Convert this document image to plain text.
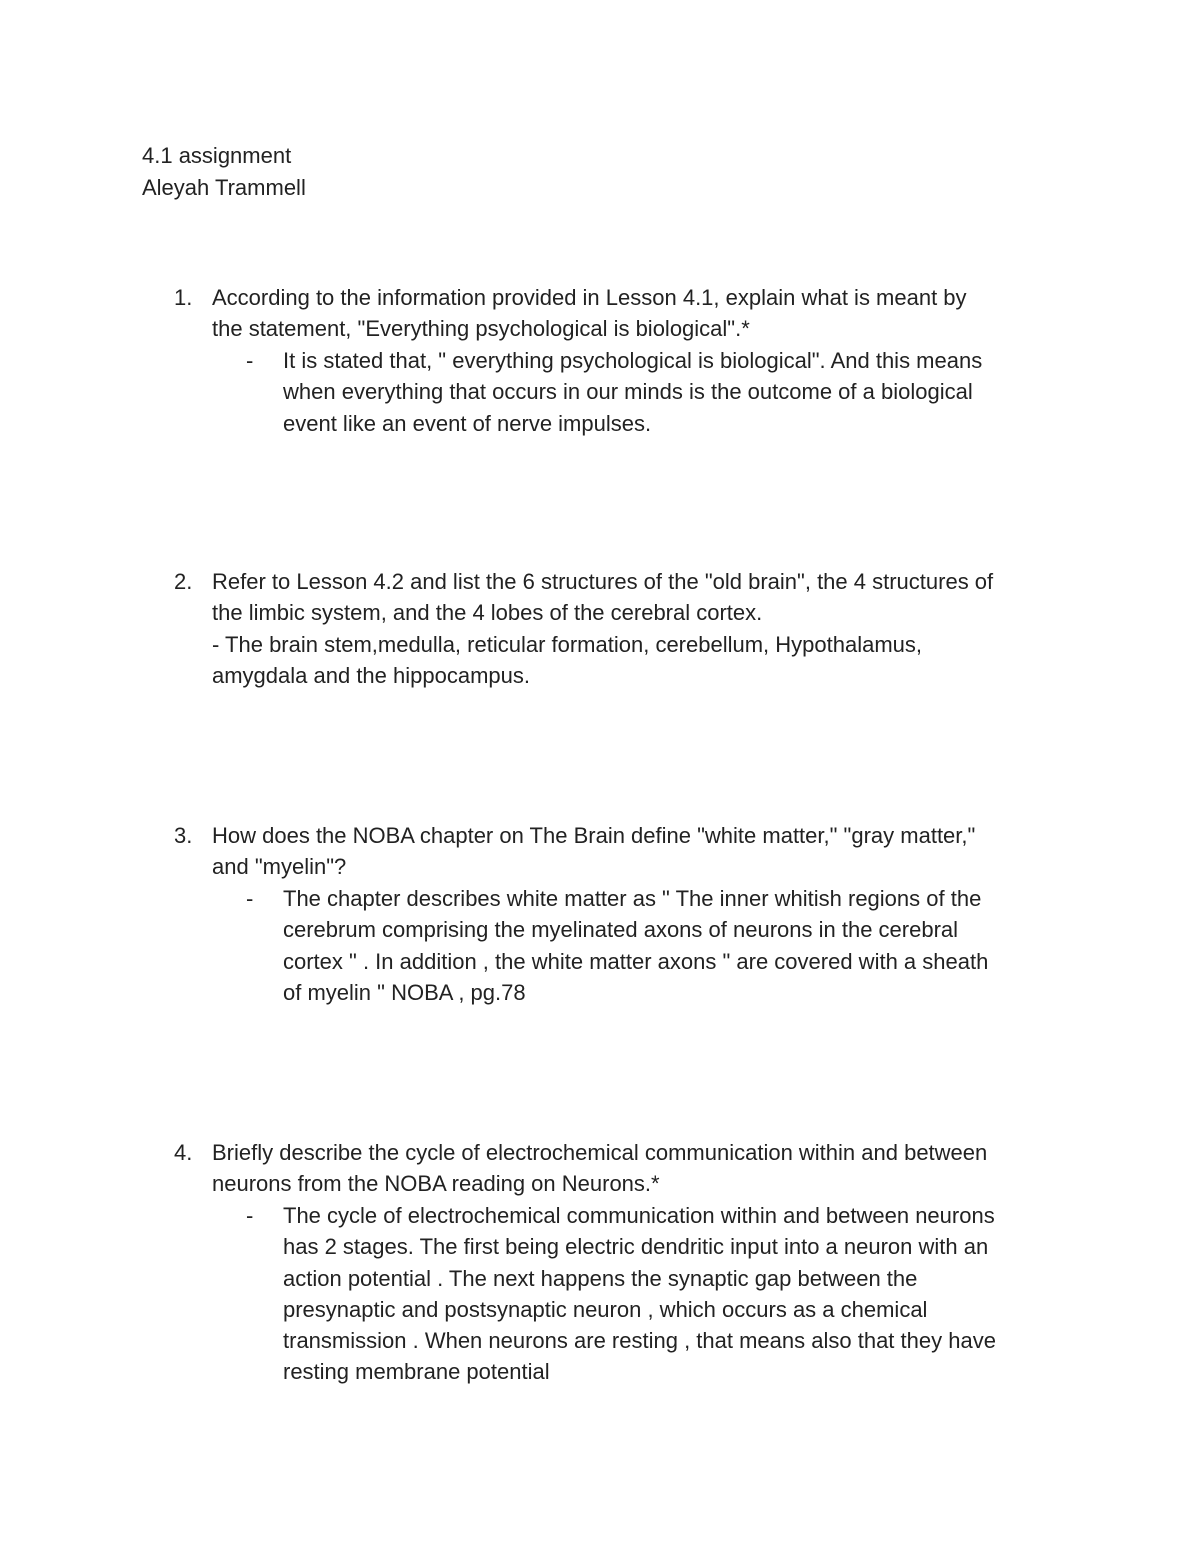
4.1 assignment
Aleyah Trammell
1. According to the information provided in Lesson 4.1, explain what is meant by
the statement, "Everything psychological is biological".*
- It is stated that, " everything psychological is biological". And this means
when everything that occurs in our minds is the outcome of a biological
event like an event of nerve impulses.
2. Refer to Lesson 4.2 and list the 6 structures of the "old brain", the 4 structures of
the limbic system, and the 4 lobes of the cerebral cortex.
- The brain stem,medulla, reticular formation, cerebellum, Hypothalamus,
amygdala and the hippocampus.
3. How does the NOBA chapter on The Brain define "white matter," "gray matter,"
and "myelin"?
- The chapter describes white matter as " The inner whitish regions of the
cerebrum comprising the myelinated axons of neurons in the cerebral
cortex " . In addition , the white matter axons " are covered with a sheath
of myelin " NOBA , pg.78
4. Briefly describe the cycle of electrochemical communication within and between
neurons from the NOBA reading on Neurons.*
- The cycle of electrochemical communication within and between neurons
has 2 stages. The first being electric dendritic input into a neuron with an
action potential . The next happens the synaptic gap between the
presynaptic and postsynaptic neuron , which occurs as a chemical
transmission . When neurons are resting , that means also that they have
resting membrane potential
